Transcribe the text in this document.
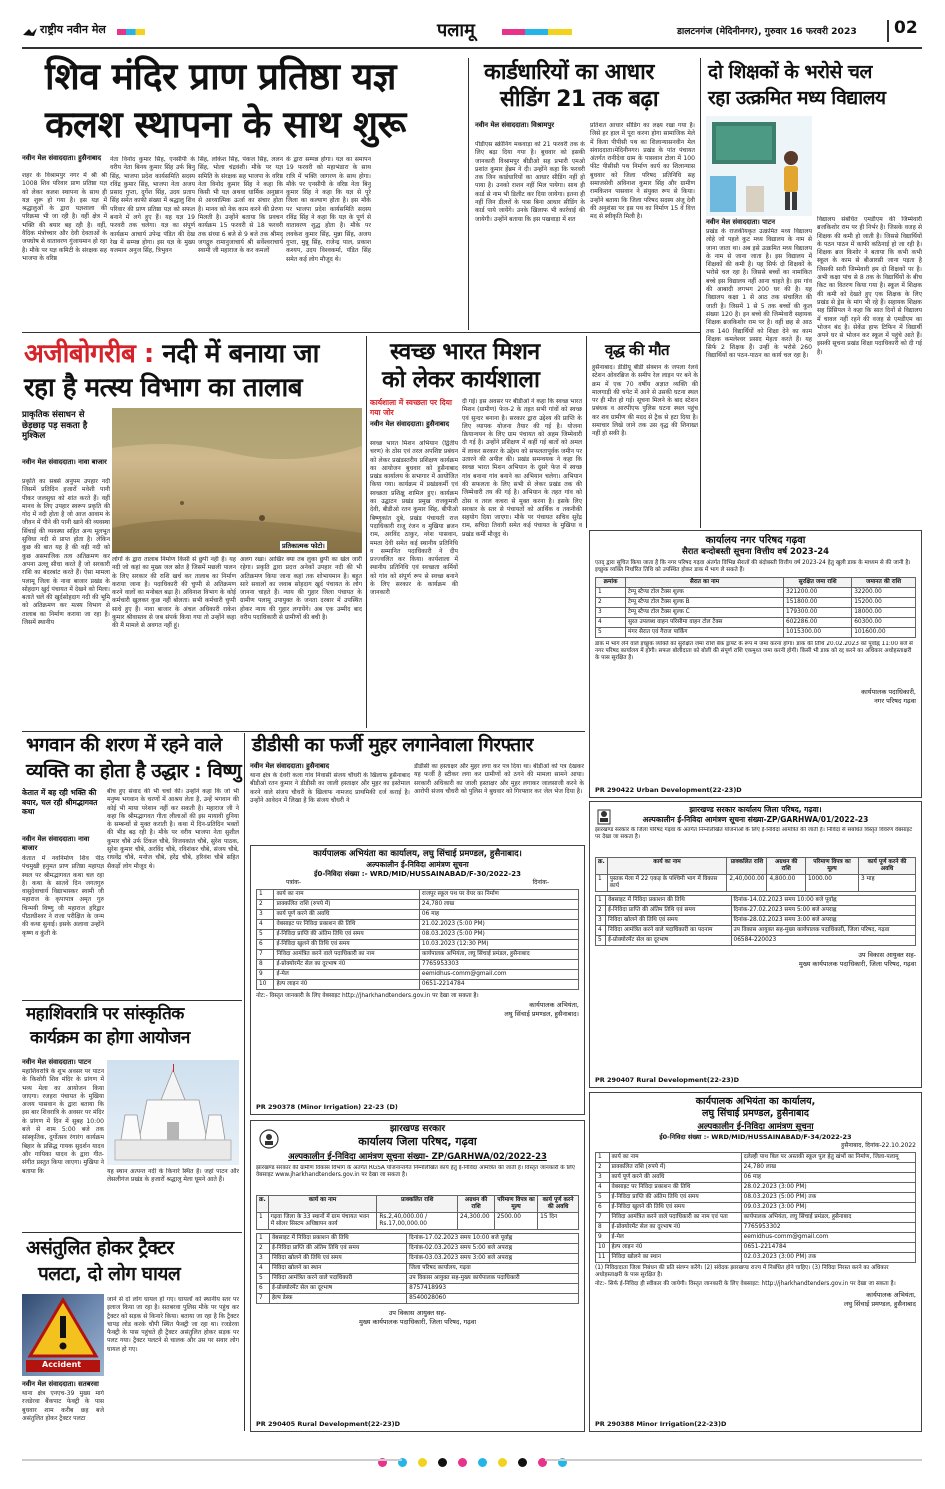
राष्ट्रीय नवीन मेल	पलामू	डालटनगंज (मेदिनीनगर), गुरुवार 16 फरवरी 2023 02
शिव मंदिर प्राण प्रतिष्ठा यज्ञ
कलश स्थापना के साथ शुरू
नवीन मेल संवाददाता। हुसैनाबाद
शहर के विश्रामपुर नगर में श्री श्री 1008 शिव परिवार प्राण प्रतिष्ठा यज्ञ को लेकर कलश स्थापना के साथ ही यज्ञ शुरू हो गया है। इस यज्ञ में श्रद्धालुओं के द्वारा यज्ञशाला की परिक्रमा भी जा रही है। वहीं क्षेत्र में भक्ति की बयार बह रही है। वहीं, वैदिक मंत्रोच्चार और देवी देवताओं के जयघोष से वातावरण गुंजायमान हो रहा है। मौके पर यज्ञ कमिटी के संरक्षक सह भाजपा के वरिष्ठ
नेता विनोद कुमार सिंह, एनसीपी के वरीय नेता बिनय कुमार सिंह उर्फ बिनु सिंह, भाजपा प्रदेश कार्यसमिति सदस्य रविंद्र कुमार सिंह, भाजपा नेता अजय प्रसाद गुप्ता, दुर्गेश सिंह, उदय प्रताप सिंह समेत काफी संख्या में श्रद्धालु शिव परिवार की प्राण प्रतिष्ठा यज्ञ को सफल बनाने में लगे हुए हैं। यह यज्ञ 19 फरवरी तक चलेगा। यज्ञ का संपूर्ण कार्यक्रम आचार्य उपेन्द्र पंडित की देख रेख में सम्पन्न होगा। इस यज्ञ के मुख्य यजमान अनुज सिंह, त्रिभुवन
सिंह, लोकेश सिंह, पंकज सिंह, ललन सिंह, भोला चंद्रवंशी। मौके पर यज्ञ समिति के संरक्षक सह भाजपा के वरिष्ठ नेता विनोद कुमार सिंह ने कहा कि किसी भी यज्ञ अथवा धार्मिक अनुष्ठान से आध्यात्मिक ऊर्जा का संचार होता है। मानव को नेक काम करने की प्रेरणा मिलती है। उन्होंने बताया कि प्रवचन कार्यक्रम 15 फरवरी से 18 फरवरी तक संध्या 6 बजे से 9 बजे तक श्रीमद् जगद्गुरु रामानुजाचार्य श्री सर्वेश्वराचार्य स्वामी जी महाराज के कर कमलों
के द्वारा सम्पन्न होगा। यज्ञ का समापन 19 फरवरी को महाभंडारा के साथ रात्रि में भक्ति जागरण के साथ होगा। मौके पर एनसीपी के वरिष्ठ नेता बिनु कुमार सिंह ने कहा कि यज्ञ से पूरे जिला का कल्याण होता है। इस मौके पर भाजपा प्रदेश कार्यसमिति सदस्य रविंद्र सिंह ने कहा कि यज्ञ के पूर्ण से वातावरण शुद्ध होता है। मौके पर लवकेश कुमार सिंह, मुन्ना सिंह, अजय गुप्ता, मुन्नू सिंह, राजेन्द्र पाल, प्रकाश कश्यप, उदय विश्वकर्मा, पंडित सिंह समेत कई लोग मौजूद थे।
कार्डधारियों का आधार
सीडिंग 21 तक बढ़ा
नवीन मेल संवाददाता। विश्रामपुर
पीडीएस स्क्रीनिंग मकवाड़ा को 21 फरवरी तक के लिए बढ़ा दिया गया है। बुधवार को इसकी जानकारी विश्रामपुर बीडीओ सह प्रभारी एमओ प्रशांत कुमार हेंब्रम ने दी। उन्होंने कहा कि फरवरी तक जिन कार्डधारियों का आधार सीडिंग नहीं हो पाया है। उनको राशन नहीं मिल पायेगा। साथ ही कार्ड से नाम भी डिलीट कर दिया जायेगा। इतना ही नहीं जिन डीलरों के पास बिना आधार सीडिंग के कार्ड पाये जायेंगे। उनके खिलाफ भी कार्रवाई की जायेगी। उन्होंने बताया कि इस पखवाड़ा में शत
प्रतिशत आधार सीडिंग का लक्ष्य रखा गया है। जिसे हर हाल में पूरा करना होगा सामाजिक मेले में किया पीपीसी पथ का शिलान्यासनवीन मेल संवाददाता।मेदिनीनगर। प्रखंड के पांत पंचायत अंतर्गत रानीदेवा ग्राम के पासवान टोला में 100 फीट पीसीसी पथ निर्माण कार्य का शिलान्यास बुधवार को जिला परिषद प्रतिनिधि सह समाजसेवी अविनाश कुमार सिंह और ग्रामीण रामकिशन पासवान ने संयुक्त रूप से किया। उन्होंने बताया कि जिला परिषद सदस्य अंजू देवी की अनुशंसा पर इस पथ का निर्माण 15 वें वित्त मद से स्वीकृति मिली है।
दो शिक्षकों के भरोसे चल
रहा उत्क्रमित मध्य विद्यालय
नवीन मेल संवाददाता। पाटन
प्रखंड के राजकीयकृत उत्क्रमित मध्य विद्यालय लोहे जो पहले कुट मध्य विद्यालय के नाम से जाना जाता था। अब इसे उत्क्रमित मध्य विद्यालय के नाम से जाना जाता है। इस विद्यालय में शिक्षकों की कमी है। यह सिर्फ दो शिक्षकों के भरोसे चल रहा है। जिससे बच्चों का नामांकित बच्चे इस विद्यालय नहीं आना चाहते है। इस गांव की आबादी लगभग 200 घर की है। यह विद्यालय कक्षा 1 से आठ तक संचालित की जाती है। जिसमें 1 से 5 तक बच्चों की कुल संख्या 120 है। इन बच्चे की जिम्मेवारी सहायक शिक्षक ब्रजकिशोर राम पर है। वहीं छह से आठ तक 140 विद्यार्थियों को शिक्षा देने का काम शिक्षक कमलेश्वर प्रसाद मेहता करते हैं। यह सिर्फ 2 शिक्षक हैं। उन्हीं के भरोसे 260 विद्यार्थियों का पठन-पाठन का कार्य चल रहा है।
विद्यालय संबंधित एमडीएम की जिम्मेवारी ब्रजकिशोर राम पर ही निर्भर है। जिसके वजह से शिक्षक की कमी हो जाती है। जिससे विद्यार्थियों के पठन पाठन में काफी कठिनाई हो जा रही है। शिक्षक ब्रज किशोर ने बताया कि कभी कभी स्कूल के काम से बीआरसी जाना पड़ता है जिसकी सारी जिम्मेवारी हम दो शिक्षकों पर है। अभी कक्षा पांच से 8 तक के विद्यार्थियों के बीच किट का वितरण किया गया है। स्कूल में शिक्षक की कमी को देखते हुए एक शिक्षक के लिए प्रखंड से ड्रेस के मांग भी रहे हैं। सहायक शिक्षक सह प्रिंसिपल ने कहा कि सात दिनों से विद्यालय में चावल नहीं रहने की वजह से एमडीएम का भोजन बंद है। सेकेंड हाफ टिफिन में विद्यार्थी अपने घर से भोजन कर स्कूल में पहुंचे आते हैं। इसकी सूचना प्रखंड शिक्षा पदाधिकारी को दी गई है।
अजीबोगरीब : नदी में बनाया जा
रहा है मत्स्य विभाग का तालाब
प्राकृतिक संसाधन से छेड़छाड़ पड़ सकता है मुश्किल
नवीन मेल संवाददाता। नावा बाजार
प्रकृति का सबसे अनुपम उपहार नदी जिसमें प्रतिदिन हजारों मवेशी पानी पीकर जलसुधा को शांत करते हैं। वहीं मानव के लिए उपहार स्वरूप प्रकृति की गोद में नदी होता है जो आज आवाम के जीवन में पीने की पानी खाने की व्यवस्था सिंचाई की व्यवस्था सहित अन्य मूलभूत सुविधा नदी से प्राप्त होता है। लेकिन कुछ की बात यह है की वही नदी को कुछ असमाजिक तत्व अतिक्रमण कर अपना उल्लू सीधा करते हैं जो सरकारी राशि का बंदरबांट करते हैं। ऐसा मामला पलामू जिला के नावा बाजार प्रखंड के सोहदाग खुर्द पंचायत में देखने को मिला। बताते चले की खुर्दसोहदाग नदी की भूमि को अतिक्रमण कर मत्स्य विभाग से तालाब का निर्माण कराया जा रहा है। जिसमें स्थानीय
प्रतिकात्मक फोटो।
लोगों के द्वारा तालाब निर्माण किसी से छुपी नहीं है। यह नदी जो कहां का मुख्य जल स्रोत है जिसमें मछली पालन के लिए सरकार की राशि खर्च कर तालाब का निर्माण कराया जाना है। पदाधिकारी की चुप्पी से अतिक्रमण करने वालों का मनोबल बढ़ा है। अविनाश विभाग के कोई कर्मचारी खुलकर कुछ नहीं बोलता। सभी कर्मचारी चुप्पी साधे हुए हैं। नावा बाजार के अंचल अधिकारी राकेश कुमार श्रीवास्तव से जब संपर्क किया गया तो उन्होंने कहा की मैं मामले से अवगत नहीं हूं।
अलग रखा। आखिर क्या तब लुका छुपी का खेल जारी रहेगा। प्रकृति द्वारा प्रदत्त अनेकों उपहार नदी की भी अतिक्रमण किया जाना कहां तक शोभायमान है। बहुत सारे सवालों का जवाब सोहदाग खुर्द पंचायत के लोग जानना चाहते हैं। न्याय की गुहार जिला पंचायत के ग्रामीण पलामू उपायुक्त के जनता दरबार में उपस्थित होकर न्याय की गुहार लगायेंगे। अब एक उम्मीद बाद वरीय पदाधिकारी से ग्रामीणों की बची है।
स्वच्छ भारत मिशन
को लेकर कार्यशाला
कार्यशाला में स्वच्छता पर दिया गया जोर
नवीन मेल संवाददाता। हुसैनाबाद
स्वच्छ भारत मिशन अभियान (द्वितीय चरण) के ठोस एवं तरल अपशिष्ट प्रबंधन को लेकर प्रखंडस्तरीय प्रशिक्षण कार्यक्रम का आयोजन बुधवार को हुसैनाबाद प्रखंड कार्यालय के सभागार में आयोजित किया गया। कार्यक्रम में प्रखंडकर्मी एवं स्वच्छता प्रशिक्षु शामिल हुए। कार्यक्रम का उद्घाटन प्रखंड प्रमुख राजकुमारी देवी, बीडीओ रतन कुमार सिंह, बीपीओ बिष्णुकांत दुबे, प्रखंड पंचायती राज पदाधिकारी राजू रंजन व मुखिया ब्रजन राम, अरविंद ठाकुर, नरेश पासवान, ममता देवी समेत कई स्थानीय प्रतिनिधि व सम्मानित पदाधिकारी ने दीप प्रज्ज्वलित कर किया। कार्यशाला में स्थानीय प्रतिनिधि एवं स्वच्छता कर्मियों को गांव को संपूर्ण रूप से स्वच्छ बनाने के लिए सरकार के कार्यक्रम की जानकारी
दी गई। इस अवसर पर बीडीओ ने कहा कि स्वच्छ भारत मिशन (ग्रामीण) फेज-2 के तहत सभी गांवों को स्वच्छ एवं सुन्दर बनाना है। सरकार द्वारा उद्देश्य की प्राप्ति के लिए व्यापक योजना तैयार की गई है। योजना क्रियान्वयन के लिए ग्राम पंचायत को अहम जिम्मेवारी दी गई है। उन्होंने प्रशिक्षण में कहीं गई बातों को अमल में लाकर सरकार के उद्देश्य को सफलतापूर्वक जमीन पर उतारने की अपील की। प्रखंड समन्वयक ने कहा कि स्वच्छ भारत मिशन अभियान के दूसरे फेज में स्वच्छ गांव बनाना गांव बनाने का अभियान चलेगा। अभियान की सफलता के लिए सभी से लेकर प्रखंड तक की जिम्मेवारी तय की गई है। अभियान के तहत गांव को ठोस व तरल कचरा से मुक्त करना है। इसके लिए सरकार के स्तर से पंचायतों को आर्थिक व तकनीकी सहयोग दिया जाएगा। मौके पर पंचायत सचिव सुरेंद्र राम, सचिदा तिवारी समेत कई पंचायत के मुखिया व प्रखंड कर्मी मौजूद थे।
वृद्ध की मौत
हुसैनाबाद। डीडीयू बीडी सेक्शन के जपला रेलवे स्टेशन ओवरब्रिज के समीप रेल लाइन पर बने के क्रम में एक 70 वर्षीय अज्ञात व्यक्ति की मालगाड़ी की चपेट में आने से उसकी घटना स्थल पर ही मौत हो गई। सूचना मिलने के बाद स्टेशन प्रबंधक व आरपीएफ पुलिस घटना स्थल पहुंच कर शव ग्रामीण की मदद से ट्रैक से हटा दिया है। समाचार लिखे जाने तक उस वृद्ध की शिनाख्त नहीं हो सकी है।
कार्यालय नगर परिषद गढ़वा
सैरात बन्दोबस्ती सूचना वित्तीय वर्ष 2023-24
एतद् द्वारा सूचित किया जाता है कि नगर परिषद गढ़वा अंतर्गत विभिन्न सैरातों की बंदोबस्ती वित्तीय वर्ष 2023-24 हेतु खुली डाक के माध्यम से की जानी है। इच्छुक व्यक्ति निर्धारित तिथि को उपस्थित होकर डाक में भाग ले सकते हैं।
क्रमांक	सैरात का नाम	सुरक्षित जमा राशि	जमानत की राशि
1	टेम्पू स्टैण्ड टोल टैक्स शुल्क	321200.00	32200.00
2	टेम्पू स्टैण्ड टोल टैक्स शुल्क B	151800.00	15200.00
3	टेम्पू स्टैण्ड टोल टैक्स शुल्क C	179300.00	18000.00
4	सुरत उपलब्ध वाहन परिसीमा वाहन टोल टैक्स	602286.00	60300.00
5	मंगर सैरात एवं गैराज पार्किंग	1015300.00	101600.00
डाक में भाग लेने वाले इच्छुक व्यक्ति को सुरक्षित जमा राशि बैंक ड्राफ्ट के रूप में जमा करना होगा। डाक की तिथि 20.02.2023 को पूर्वाह्न 11:00 बजे से नगर परिषद कार्यालय में होगी। सफल बोलीदाता को बोली की संपूर्ण राशि एकमुश्त जमा करनी होगी। किसी भी डाक को रद्द करने का अधिकार अधोहस्ताक्षरी के पास सुरक्षित है।
कार्यपालक पदाधिकारी,
नगर परिषद गढ़वा
PR 290422 Urban Development(22-23)D
भगवान की शरण में रहने वाले
व्यक्ति का होता है उद्धार : विष्णु
केतात में बह रही भक्ति की बयार, चल रही श्रीमद्भागवत कथा
नवीन मेल संवाददाता। नावा बाजार
केतात में नवनिर्माण शिव पीठ पंचमुखी हनुमत प्राण प्रतिष्ठा महायज्ञ स्थल पर श्रीमद्भागवत कथा चल रहा है। कथा के सातवें दिन जगतगुरु वासुदेवाचार्य विद्याभास्कर स्वामी जी महाराज के कृपापात्र अमृत गुरु चिन्मयी विष्णु जी महाराज हरिद्वार पीठाधीश्वर ने राजा परीक्षित के जन्म की कथा सुनाई। इसके अलावा उन्होंने कृष्ण व कुंती के
बीच हुए संवाद की भी चर्चा की। उन्होंने कहा कि जो भी मनुष्य भगवान के चरणों में आश्रय लेता है, उन्हें भगवान की कोई भी माया परेशान नहीं कर सकती है। महाराज जी ने कहा कि श्रीमद्भागवत गीता लीलाओं की इस मायावी दुनिया के सम्बन्धों से मुक्त कराती है। कथा में दिन-प्रतिदिन भक्तों की भीड़ बढ़ रही है। मौके पर वरीय भाजपा नेता सुशील कुमार चौबे उर्फ टिंकल चौबे, विजयकांत चौबे, सुरेश पाठक, सुरेश कुमार चौबे, अरविंद चौबे, रविशंकर चौबे, संजय चौबे, राघवेंद्र चौबे, मनोज चौबे, हरेंद्र चौबे, हरिवंश चौबे सहित सैकड़ों लोग मौजूद थे।
डीडीसी का फर्जी मुहर लगानेवाला गिरफ्तार
नवीन मेल संवाददाता। हुसैनाबाद
थाना क्षेत्र के देवरी कला गांव निवासी संजय चौधरी के खिलाफ हुसैनाबाद बीडीओ रतन कुमार ने डीडीसी का जाली हस्ताक्षर और मुहर का इस्तेमाल करने वाले संजय चौधरी के खिलाफ नामजद प्राथमिकी दर्ज कराई है। उन्होंने आवेदन में लिखा है कि संजय चौधरी ने
डीडीसी का हस्ताक्षर और मुहर लगा कर पत्र दिया था। बीडीओ को पत्र देखकर यह फर्जी है स्टीकर लगा कर ग्रामीणों को ठगने की मामला सामने आया। सरकारी अधिकारी का जाली हस्ताक्षर और मुहर लगाकर जालसाजी करने के आरोपी संजय चौधरी को पुलिस ने बुधवार को गिरफ्तार कर जेल भेज दिया है।
कार्यपालक अभियंता का कार्यालय, लघु सिंचाई प्रमण्डल, हुसैनाबाद।
अल्पकालीन ई-निविदा आमंत्रण सूचना
ई0-निविदा संख्या :- WRD/MID/HUSSAINABAD/F-30/2022-23
पत्रांक-	दिनांक-
1	कार्य का नाम	राजपुर स्कूल पथ पर वेयर का निर्माण
2	प्राक्कलित राशि (रुपये में)	24,780 लाख
3	कार्य पूर्ण करने की अवधि	06 माह
4	वेबसाइट पर निविदा प्रकाशन की तिथि	21.02.2023 (5:00 PM)
5	ई-निविदा प्राप्ति की अंतिम तिथि एवं समय	08.03.2023 (5:00 PM)
6	ई-निविदा खुलने की तिथि एवं समय	10.03.2023 (12:30 PM)
7	निविदा आमंत्रित करने वाले पदाधिकारी का नाम	कार्यपालक अभियंता, लघु सिंचाई प्रमंडल, हुसैनाबाद
8	ई-प्रोक्योरमेंट सेल का दूरभाष नं0	7765953303
9	ई-मेल	eemidhus-comm@gmail.com
10	हेल्प लाइन नं0	0651-2214784
नोट:- विस्तृत जानकारी के लिए वेबसाइट http://jharkhandtenders.gov.in पर देखा जा सकता है।
कार्यपालक अभियंता,
लघु सिंचाई प्रमण्डल, हुसैनाबाद।
PR 290378 (Minor Irrigation) 22-23 (D)
झारखण्ड सरकार कार्यालय जिला परिषद, गढ़वा।
अल्पकालीन ई-निविदा आमंत्रण सूचना संख्या-ZP/GARHWA/01/2022-23
झारखण्ड सरकार के जिला परिषद गढ़वा के अंतर्गत निम्नलिखित योजनाओं के लिए ई-निविदा आमंत्रित की जाती है। निविदा से संबंधित विस्तृत विवरण वेबसाइट पर देखा जा सकता है।
क्र.	कार्य का नाम	प्राक्कलित राशि	अग्रधन की राशि	परिमाण विपत्र का मूल्य	कार्य पूर्ण करने की अवधि
1	पुस्तक मेला में 22 एकड़ के पश्चिमी भाग में विकास कार्य	2,40,000.00	4,800.00	1000.00	3 माह
1	वेबसाइट में निविदा प्रकाशन की तिथि	दिनांक-14.02.2023 समय 10:00 बजे पूर्वाह्न
2	ई-निविदा प्राप्ति की अंतिम तिथि एवं समय	दिनांक-27.02.2023 समय 5:00 बजे अपराह्न
3	निविदा खोलने की तिथि एवं समय	दिनांक-28.02.2023 समय 3:00 बजे अपराह्न
4	निविदा आमंत्रित करने वाले पदाधिकारी का पदनाम	उप विकास आयुक्त सह-मुख्य कार्यपालक पदाधिकारी, जिला परिषद, गढ़वा
5	ई-प्रोक्योरमेंट सेल का दूरभाष	06584-220023
उप विकास आयुक्त सह-
मुख्य कार्यपालक पदाधिकारी, जिला परिषद, गढ़वा
PR 290407 Rural Development(22-23)D
महाशिवरात्रि पर सांस्कृतिक
कार्यक्रम का होगा आयोजन
नवीन मेल संवाददाता। पाटन
महाशिवरात्रि के शुभ अवसर पर पाटन के किशोरी शिव मंदिर के प्रांगण में भव्य मेला का आयोजन किया जाएगा। रजहरा पंचायत के मुखिया अजय पासवान के द्वारा बताया कि इस बार शिवरात्रि के अवसर पर मंदिर के प्रांगण में दिन में सुबह 10:00 बजे से शाम 5:00 बजे तक सांस्कृतिक, दुर्गोत्सव रंगारंग कार्यक्रम बिहार के प्रसिद्ध गायक सुदर्शन यादव और गायिका यादव के द्वारा गीत-संगीत प्रस्तुत किया जाएगा। मुखिया ने बताया कि	यह स्थान अत्यन्त नदी के किनारे स्थित है। जहां पाटन और लेसलीगंज प्रखंड के हजारों श्रद्धालु मेला घूमने आते हैं।
असंतुलित होकर ट्रैक्टर
पलटा, दो लोग घायल
Accident
नवीन मेल संवाददाता। सतबरवा
थाना क्षेत्र एनएच-39 मुख्य मार्ग रजडेरवा बैंकपाट फेक्ट्री के पास बुधवार शाम करीब छह बजे असंतुलित होकर ट्रैक्टर पलटा
जाने से दो लोग घायल हो गए। घायलों को स्थानीय स्तर पर इलाज किया जा रहा है। सतबरवा पुलिस मौके पर पहुंच कर ट्रैक्टर को सड़क से किनारे किया। बताया जा रहा है कि ट्रैक्टर चापड़ लोड करके चौपी स्थित फैक्ट्री जा रहा था। रजडेरवा फैक्ट्री के पास पहुंचते ही ट्रैक्टर असंतुलित होकर सड़क पर पलट गया। ट्रैक्टर पलटने से चालक और उस पर सवार लोग घायल हो गए।
झारखण्ड सरकार
कार्यालय जिला परिषद, गढ़वा
अल्पकालीन ई-निविदा आमंत्रण सूचना संख्या- ZP/GARHWA/02/2022-23
झारखण्ड सरकार की ग्रामीण विकास विभाग के अंतर्गत RGSA योजनान्तर्गत निम्नलिखित कार्य हेतु ई-निविदा आमंत्रित की जाती है। विस्तृत जानकारी के लिए वेबसाइट www.jharkhandtenders.gov.in पर देखा जा सकता है।
क्र.	कार्य का नाम	प्राक्कलित राशि	अग्रधन की राशि	परिमाण विपत्र का मूल्य	कार्य पूर्ण करने की अवधि
1	गढ़वा जिला के 33 स्थानों में ग्राम पंचायत भवन में सोलर सिस्टम अधिष्ठापन कार्य	Rs.2,40,000.00 / Rs.17,00,000.00	24,300.00	2500.00	15 दिन
1	वेबसाइट में निविदा प्रकाशन की तिथि	दिनांक-17.02.2023 समय 10:00 बजे पूर्वाह्न
2	ई-निविदा प्राप्ति की अंतिम तिथि एवं समय	दिनांक-02.03.2023 समय 5:00 बजे अपराह्न
3	निविदा खोलने की तिथि एवं समय	दिनांक-03.03.2023 समय 3:00 बजे अपराह्न
4	निविदा खोलने का स्थान	जिला परिषद कार्यालय, गढ़वा
5	निविदा आमंत्रित करने वाले पदाधिकारी	उप विकास आयुक्त सह-मुख्य कार्यपालक पदाधिकारी
6	ई-प्रोक्योरमेंट सेल का दूरभाष	8757418993
7	हेल्प डेस्क	8540028060
उप विकास आयुक्त सह-
मुख्य कार्यपालक पदाधिकारी, जिला परिषद, गढ़वा
PR 290405 Rural Development(22-23)D
कार्यपालक अभियंता का कार्यालय,
लघु सिंचाई प्रमण्डल, हुसैनाबाद
अल्पकालीन ई-निविदा आमंत्रण सूचना
ई0-निविदा संख्या :- WRD/MID/HUSSAINABAD/F-34/2022-23
हुसैनाबाद, दिनांक-22.10.2022
1	कार्य का नाम	दलेल्ही पाथ बिल पर अस्तकी स्कूल पुल हेतु खंभों का निर्माण, जिला-पलामू
2	प्राक्कलित राशि (रुपये में)	24,780 लाख
3	कार्य पूर्ण करने की अवधि	06 माह
4	वेबसाइट पर निविदा प्रकाशन की तिथि	28.02.2023 (3:00 PM)
5	ई-निविदा प्राप्ति की अंतिम तिथि एवं समय	08.03.2023 (5:00 PM) तक
6	ई-निविदा खुलने की तिथि एवं समय	09.03.2023 (3:00 PM)
7	निविदा आमंत्रित करने वाले पदाधिकारी का नाम एवं पता	कार्यपालक अभियंता, लघु सिंचाई प्रमंडल, हुसैनाबाद
8	ई-प्रोक्योरमेंट सेल का दूरभाष नं0	7765953302
9	ई-मेल	eemidhus-comm@gmail.com
10	हेल्प लाइन नं0	0651-2214784
11	निविदा खोलने का स्थान	02.03.2023 (3:00 PM) तक
(1) निविदादाता जिला निबंधन की प्रति संलग्न करेंगे। (2) संवेदक झारखण्ड राज्य में निबंधित होने चाहिए। (3) निविदा निरस्त करने का अधिकार अधोहस्ताक्षरी के पास सुरक्षित है।
नोट:- सिर्फ ई-निविदा ही स्वीकार की जायेगी। विस्तृत जानकारी के लिए वेबसाइट: http://jharkhandtenders.gov.in पर देखा जा सकता है।
कार्यपालक अभियंता,
लघु सिंचाई प्रमण्डल, हुसैनाबाद
PR 290388 Minor Irrigation(22-23)D
